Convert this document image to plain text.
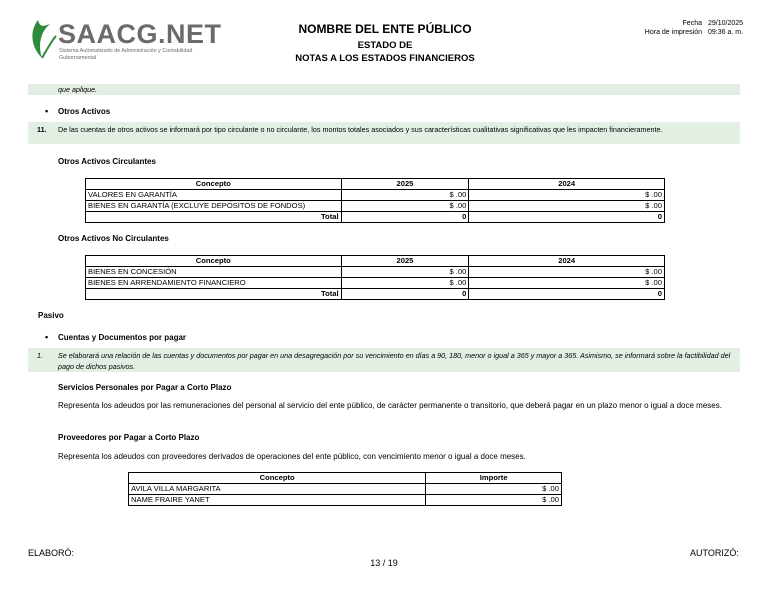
SAACG.NET
Sistema Automatizado de Administración y Contabilidad Gubernamental
NOMBRE DEL ENTE PÚBLICO
ESTADO DE
NOTAS A LOS ESTADOS FINANCIEROS
Fecha 29/10/2025
Hora de impresión 09:36 a. m.
que aplique.
• Otros Activos
11. De las cuentas de otros activos se informará por tipo circulante o no circulante, los montos totales asociados y sus características cualitativas significativas que les impacten financieramente.
Otros Activos Circulantes
Concepto	2025	2024
VALORES EN GARANTÍA	$ .00	$ .00
BIENES EN GARANTÍA (EXCLUYE DEPÓSITOS DE FONDOS)	$ .00	$ .00
Total	0	0
Otros Activos No Circulantes
Concepto	2025	2024
BIENES EN CONCESIÓN	$ .00	$ .00
BIENES EN ARRENDAMIENTO FINANCIERO	$ .00	$ .00
Total	0	0
Pasivo
• Cuentas y Documentos por pagar
1. Se elaborará una relación de las cuentas y documentos por pagar en una desagregación por su vencimiento en días a 90, 180, menor o igual a 365 y mayor a 365. Asimismo, se informará sobre la factibilidad del pago de dichos pasivos.
Servicios Personales por Pagar a Corto Plazo
Representa los adeudos por las remuneraciones del personal al servicio del ente público, de carácter permanente o transitorio, que deberá pagar en un plazo menor o igual a doce meses.
Proveedores por Pagar a Corto Plazo
Representa los adeudos con proveedores derivados de operaciones del ente público, con vencimiento menor o igual a doce meses.
Concepto	Importe
AVILA VILLA MARGARITA	$ .00
NAME FRAIRE YANET	$ .00
ELABORÓ:	AUTORIZÓ:
13 / 19
